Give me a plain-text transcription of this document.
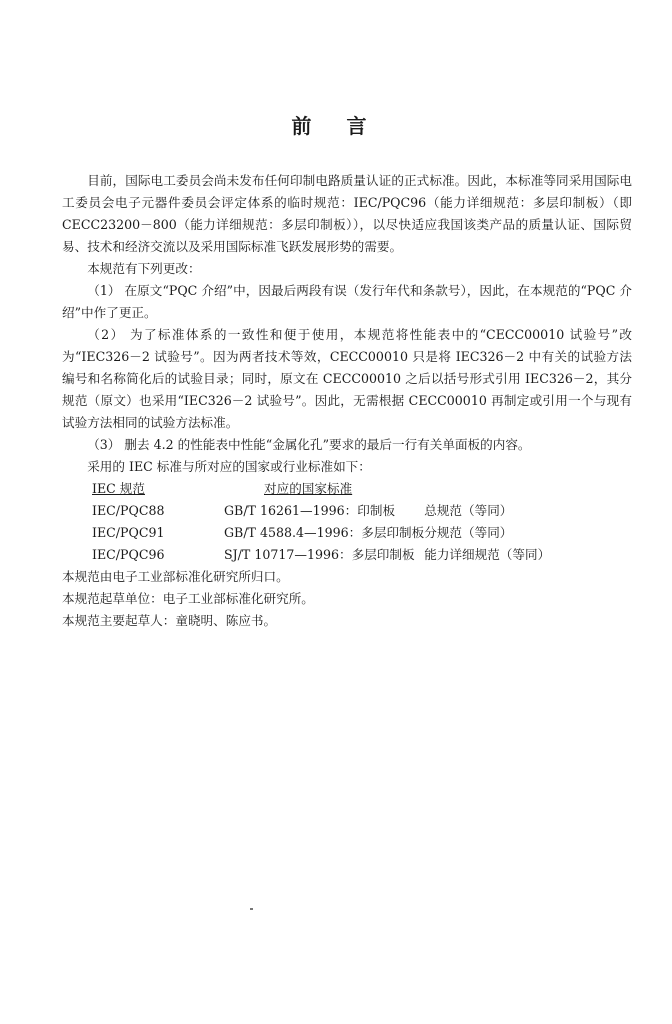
前 言

目前，国际电工委员会尚未发布任何印制电路质量认证的正式标准。因此，本标准等同采用国际电工委员会电子元器件委员会评定体系的临时规范：IEC/PQC96（能力详细规范：多层印制板）（即 CECC23200－800（能力详细规范：多层印制板）），以尽快适应我国该类产品的质量认证、国际贸易、技术和经济交流以及采用国际标准飞跃发展形势的需要。

本规范有下列更改：

（1） 在原文“PQC 介绍”中，因最后两段有误（发行年代和条款号），因此，在本规范的“PQC 介绍”中作了更正。

（2） 为了标准体系的一致性和便于使用，本规范将性能表中的“CECC00010 试验号”改为“IEC326－2 试验号”。因为两者技术等效，CECC00010 只是将 IEC326－2 中有关的试验方法编号和名称简化后的试验目录；同时，原文在 CECC00010 之后以括号形式引用 IEC326－2，其分规范（原文）也采用“IEC326－2 试验号”。因此，无需根据 CECC00010 再制定或引用一个与现有试验方法相同的试验方法标准。

（3） 删去 4.2 的性能表中性能“金属化孔”要求的最后一行有关单面板的内容。

采用的 IEC 标准与所对应的国家或行业标准如下：

IEC 规范	对应的国家标准	
IEC/PQC88	GB/T 16261—1996：印制板	总规范（等同）
IEC/PQC91	GB/T 4588.4—1996：多层印制板	分规范（等同）
IEC/PQC96	SJ/T 10717—1996：多层印制板	能力详细规范（等同）

本规范由电子工业部标准化研究所归口。

本规范起草单位：电子工业部标准化研究所。

本规范主要起草人：童晓明、陈应书。
